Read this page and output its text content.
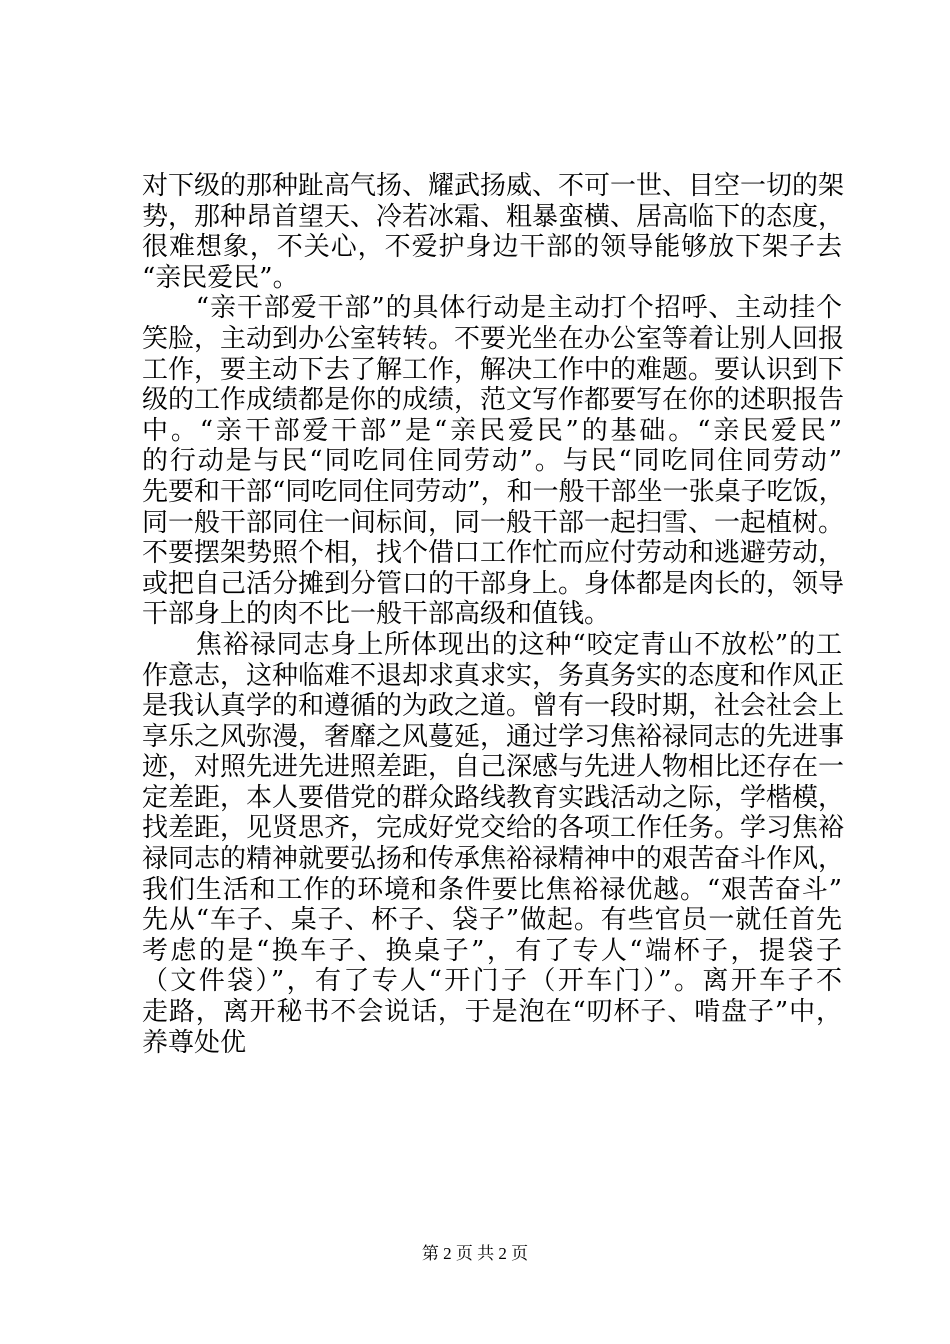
对下级的那种趾高气扬、耀武扬威、不可一世、目空一切的架
势，那种昂首望天、冷若冰霜、粗暴蛮横、居高临下的态度，
很难想象，不关心，不爱护身边干部的领导能够放下架子去
“亲民爱民”。
　　“亲干部爱干部”的具体行动是主动打个招呼、主动挂个
笑脸，主动到办公室转转。不要光坐在办公室等着让别人回报
工作，要主动下去了解工作，解决工作中的难题。要认识到下
级的工作成绩都是你的成绩，范文写作都要写在你的述职报告
中。“亲干部爱干部”是“亲民爱民”的基础。“亲民爱民”
的行动是与民“同吃同住同劳动”。与民“同吃同住同劳动”
先要和干部“同吃同住同劳动”，和一般干部坐一张桌子吃饭，
同一般干部同住一间标间，同一般干部一起扫雪、一起植树。
不要摆架势照个相，找个借口工作忙而应付劳动和逃避劳动，
或把自己活分摊到分管口的干部身上。身体都是肉长的，领导
干部身上的肉不比一般干部高级和值钱。
　　焦裕禄同志身上所体现出的这种“咬定青山不放松”的工
作意志，这种临难不退却求真求实，务真务实的态度和作风正
是我认真学的和遵循的为政之道。曾有一段时期，社会社会上
享乐之风弥漫，奢靡之风蔓延，通过学习焦裕禄同志的先进事
迹，对照先进先进照差距，自己深感与先进人物相比还存在一
定差距，本人要借党的群众路线教育实践活动之际，学楷模，
找差距，见贤思齐，完成好党交给的各项工作任务。学习焦裕
禄同志的精神就要弘扬和传承焦裕禄精神中的艰苦奋斗作风，
我们生活和工作的环境和条件要比焦裕禄优越。“艰苦奋斗”
先从“车子、桌子、杯子、袋子”做起。有些官员一就任首先
考虑的是“换车子、换桌子”，有了专人“端杯子，提袋子
（文件袋）”，有了专人“开门子（开车门）”。离开车子不
走路，离开秘书不会说话，于是泡在“叨杯子、啃盘子”中，
养尊处优
第 2 页 共 2 页
